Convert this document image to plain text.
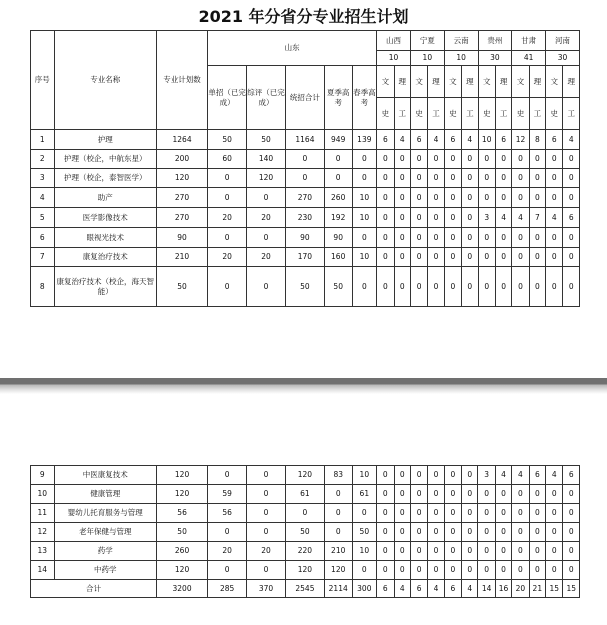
2021 年分省分专业招生计划
序号	专业名称	专业计划数	山东					山西		宁夏		云南		贵州		甘肃		河南	
								10		10		10		30		41		30	
			单招（已完成）	综评（已完成）	统招合计	夏季高考	春季高考	文	理	文	理	文	理	文	理	文	理	文	理
								史	工	史	工	史	工	史	工	史	工	史	工
1	护理	1264	50	50	1164	949	139	6	4	6	4	6	4	10	6	12	8	6	4
2	护理（校企，中航东星）	200	60	140	0	0	0	0	0	0	0	0	0	0	0	0	0	0	0
3	护理（校企，泰智医学）	120	0	120	0	0	0	0	0	0	0	0	0	0	0	0	0	0	0
4	助产	270	0	0	270	260	10	0	0	0	0	0	0	0	0	0	0	0	0
5	医学影像技术	270	20	20	230	192	10	0	0	0	0	0	0	3	4	4	7	4	6
6	眼视光技术	90	0	0	90	90	0	0	0	0	0	0	0	0	0	0	0	0	0
7	康复治疗技术	210	20	20	170	160	10	0	0	0	0	0	0	0	0	0	0	0	0
8	康复治疗技术（校企，海天智能）	50	0	0	50	50	0	0	0	0	0	0	0	0	0	0	0	0	0
9	中医康复技术	120	0	0	120	83	10	0	0	0	0	0	0	3	4	4	6	4	6
10	健康管理	120	59	0	61	0	61	0	0	0	0	0	0	0	0	0	0	0	0
11	婴幼儿托育服务与管理	56	56	0	0	0	0	0	0	0	0	0	0	0	0	0	0	0	0
12	老年保健与管理	50	0	0	50	0	50	0	0	0	0	0	0	0	0	0	0	0	0
13	药学	260	20	20	220	210	10	0	0	0	0	0	0	0	0	0	0	0	0
14	中药学	120	0	0	120	120	0	0	0	0	0	0	0	0	0	0	0	0	0
合计		3200	285	370	2545	2114	300	6	4	6	4	6	4	14	16	20	21	15	15
